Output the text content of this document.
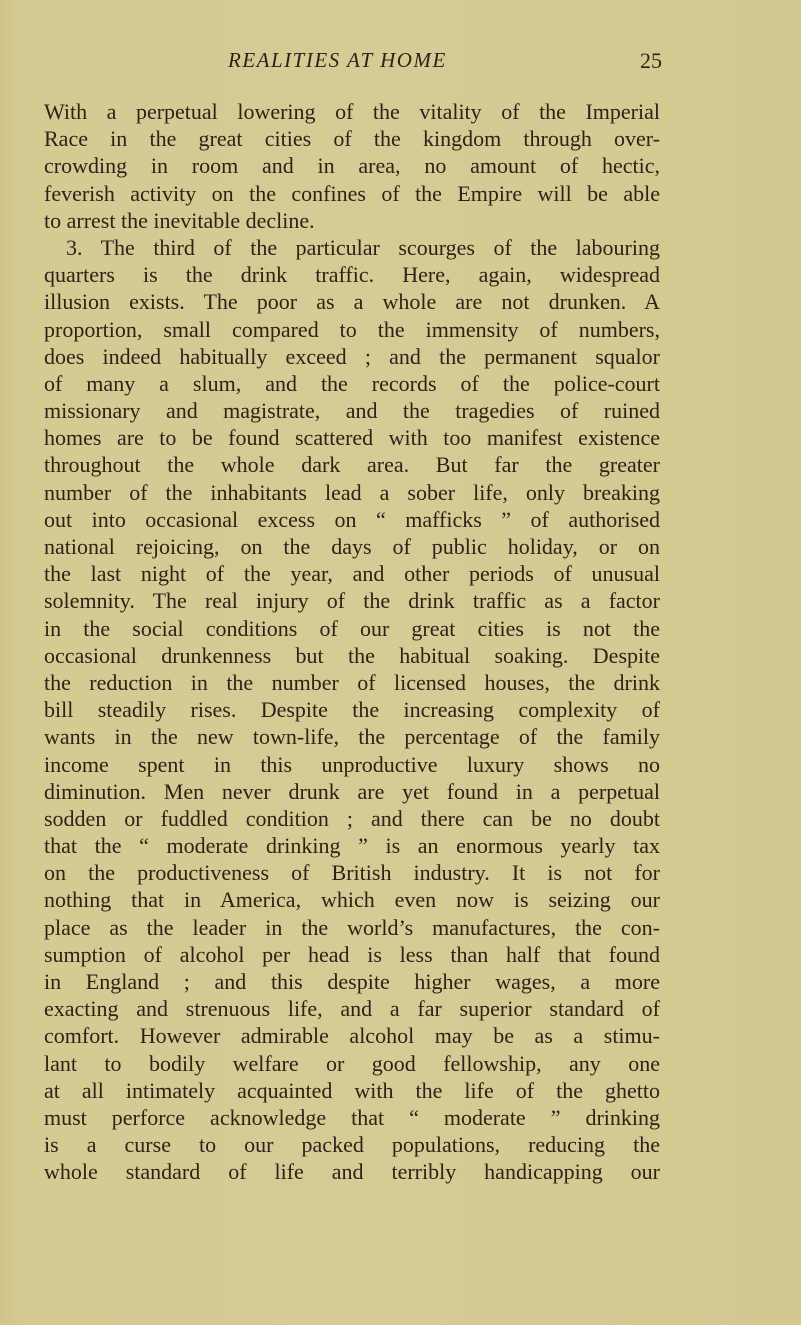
REALITIES AT HOME	25
With a perpetual lowering of the vitality of the Imperial
Race in the great cities of the kingdom through over-
crowding in room and in area, no amount of hectic,
feverish activity on the confines of the Empire will be able
to arrest the inevitable decline.
3. The third of the particular scourges of the labouring
quarters is the drink traffic. Here, again, widespread
illusion exists. The poor as a whole are not drunken. A
proportion, small compared to the immensity of numbers,
does indeed habitually exceed ; and the permanent squalor
of many a slum, and the records of the police-court
missionary and magistrate, and the tragedies of ruined
homes are to be found scattered with too manifest existence
throughout the whole dark area. But far the greater
number of the inhabitants lead a sober life, only breaking
out into occasional excess on “ mafficks ” of authorised
national rejoicing, on the days of public holiday, or on
the last night of the year, and other periods of unusual
solemnity. The real injury of the drink traffic as a factor
in the social conditions of our great cities is not the
occasional drunkenness but the habitual soaking. Despite
the reduction in the number of licensed houses, the drink
bill steadily rises. Despite the increasing complexity of
wants in the new town-life, the percentage of the family
income spent in this unproductive luxury shows no
diminution. Men never drunk are yet found in a perpetual
sodden or fuddled condition ; and there can be no doubt
that the “ moderate drinking ” is an enormous yearly tax
on the productiveness of British industry. It is not for
nothing that in America, which even now is seizing our
place as the leader in the world’s manufactures, the con-
sumption of alcohol per head is less than half that found
in England ; and this despite higher wages, a more
exacting and strenuous life, and a far superior standard of
comfort. However admirable alcohol may be as a stimu-
lant to bodily welfare or good fellowship, any one
at all intimately acquainted with the life of the ghetto
must perforce acknowledge that “ moderate ” drinking
is a curse to our packed populations, reducing the
whole standard of life and terribly handicapping our
